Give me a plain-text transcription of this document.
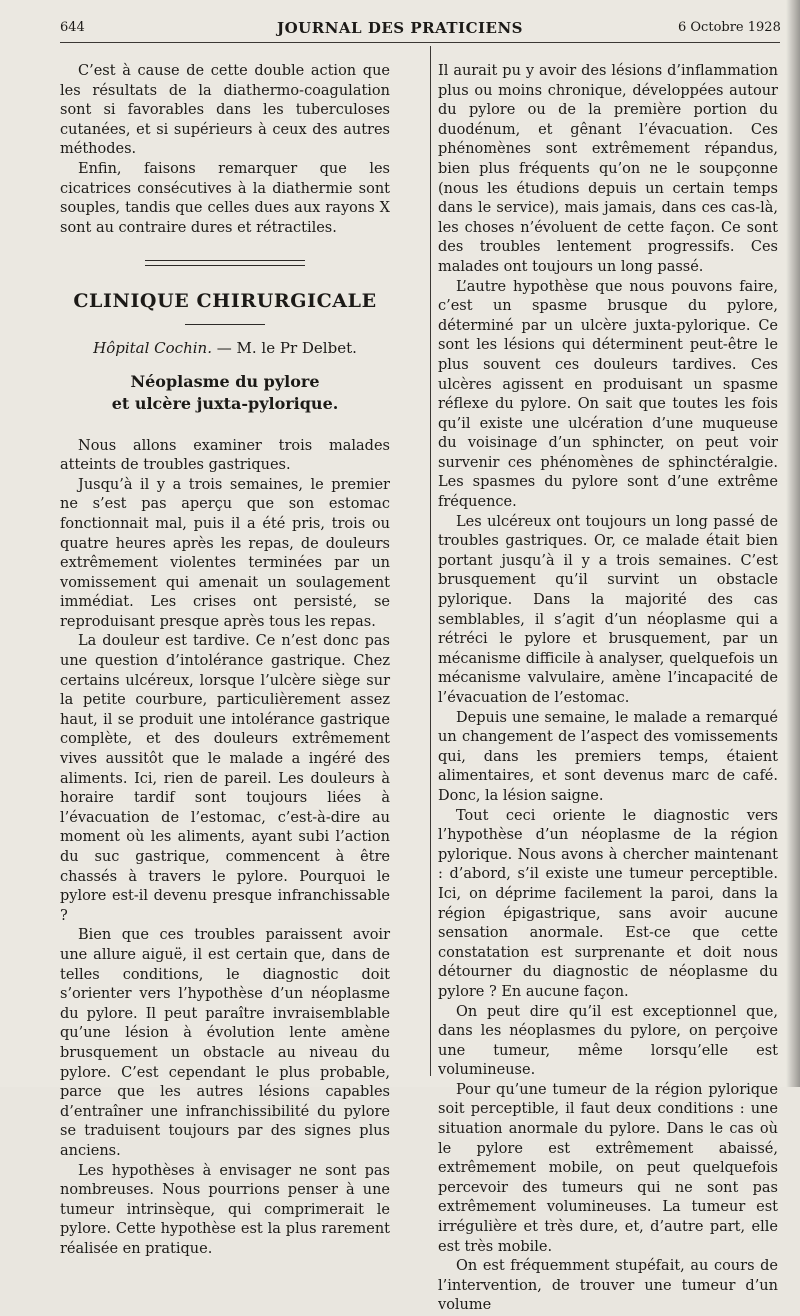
644	JOURNAL DES PRATICIENS	6 Octobre 1928

C’est à cause de cette double action que les résultats de la diathermo-coagulation sont si favorables dans les tuberculoses cutanées, et si supérieurs à ceux des autres méthodes.

Enfin, faisons remarquer que les cicatrices consécutives à la diathermie sont souples, tandis que celles dues aux rayons X sont au contraire dures et rétractiles.

CLINIQUE CHIRURGICALE
Hôpital Cochin. — M. le Pr Delbet.
Néoplasme du pylore
et ulcère juxta-pylorique.

Nous allons examiner trois malades atteints de troubles gastriques.

Jusqu’à il y a trois semaines, le premier ne s’est pas aperçu que son estomac fonctionnait mal, puis il a été pris, trois ou quatre heures après les repas, de douleurs extrêmement violentes terminées par un vomissement qui amenait un soulagement immédiat. Les crises ont persisté, se reproduisant presque après tous les repas.

La douleur est tardive. Ce n’est donc pas une question d’intolérance gastrique. Chez certains ulcéreux, lorsque l’ulcère siège sur la petite courbure, particulièrement assez haut, il se produit une intolérance gastrique complète, et des douleurs extrêmement vives aussitôt que le malade a ingéré des aliments. Ici, rien de pareil. Les douleurs à horaire tardif sont toujours liées à l’évacuation de l’estomac, c’est-à-dire au moment où les aliments, ayant subi l’action du suc gastrique, commencent à être chassés à travers le pylore. Pourquoi le pylore est-il devenu presque infranchissable ?

Bien que ces troubles paraissent avoir une allure aiguë, il est certain que, dans de telles conditions, le diagnostic doit s’orienter vers l’hypothèse d’un néoplasme du pylore. Il peut paraître invraisemblable qu’une lésion à évolution lente amène brusquement un obstacle au niveau du pylore. C’est cependant le plus probable, parce que les autres lésions capables d’entraîner une infranchissibilité du pylore se traduisent toujours par des signes plus anciens.

Les hypothèses à envisager ne sont pas nombreuses. Nous pourrions penser à une tumeur intrinsèque, qui comprimerait le pylore. Cette hypothèse est la plus rarement réalisée en pratique.

Il aurait pu y avoir des lésions d’inflammation plus ou moins chronique, développées autour du pylore ou de la première portion du duodénum, et gênant l’évacuation. Ces phénomènes sont extrêmement répandus, bien plus fréquents qu’on ne le soupçonne (nous les étudions depuis un certain temps dans le service), mais jamais, dans ces cas-là, les choses n’évoluent de cette façon. Ce sont des troubles lentement progressifs. Ces malades ont toujours un long passé.

L’autre hypothèse que nous pouvons faire, c’est un spasme brusque du pylore, déterminé par un ulcère juxta-pylorique. Ce sont les lésions qui déterminent peut-être le plus souvent ces douleurs tardives. Ces ulcères agissent en produisant un spasme réflexe du pylore. On sait que toutes les fois qu’il existe une ulcération d’une muqueuse du voisinage d’un sphincter, on peut voir survenir ces phénomènes de sphinctéralgie. Les spasmes du pylore sont d’une extrême fréquence.

Les ulcéreux ont toujours un long passé de troubles gastriques. Or, ce malade était bien portant jusqu’à il y a trois semaines. C’est brusquement qu’il survint un obstacle pylorique. Dans la majorité des cas semblables, il s’agit d’un néoplasme qui a rétréci le pylore et brusquement, par un mécanisme difficile à analyser, quelquefois un mécanisme valvulaire, amène l’incapacité de l’évacuation de l’estomac.

Depuis une semaine, le malade a remarqué un changement de l’aspect des vomissements qui, dans les premiers temps, étaient alimentaires, et sont devenus marc de café. Donc, la lésion saigne.

Tout ceci oriente le diagnostic vers l’hypothèse d’un néoplasme de la région pylorique. Nous avons à chercher maintenant : d’abord, s’il existe une tumeur perceptible. Ici, on déprime facilement la paroi, dans la région épigastrique, sans avoir aucune sensation anormale. Est-ce que cette constatation est surprenante et doit nous détourner du diagnostic de néoplasme du pylore ? En aucune façon.

On peut dire qu’il est exceptionnel que, dans les néoplasmes du pylore, on perçoive une tumeur, même lorsqu’elle est volumineuse.

Pour qu’une tumeur de la région pylorique soit perceptible, il faut deux conditions : une situation anormale du pylore. Dans le cas où le pylore est extrêmement abaissé, extrêmement mobile, on peut quelquefois percevoir des tumeurs qui ne sont pas extrêmement volumineuses. La tumeur est irrégulière et très dure, et, d’autre part, elle est très mobile.

On est fréquemment stupéfait, au cours de l’intervention, de trouver une tumeur d’un volume
